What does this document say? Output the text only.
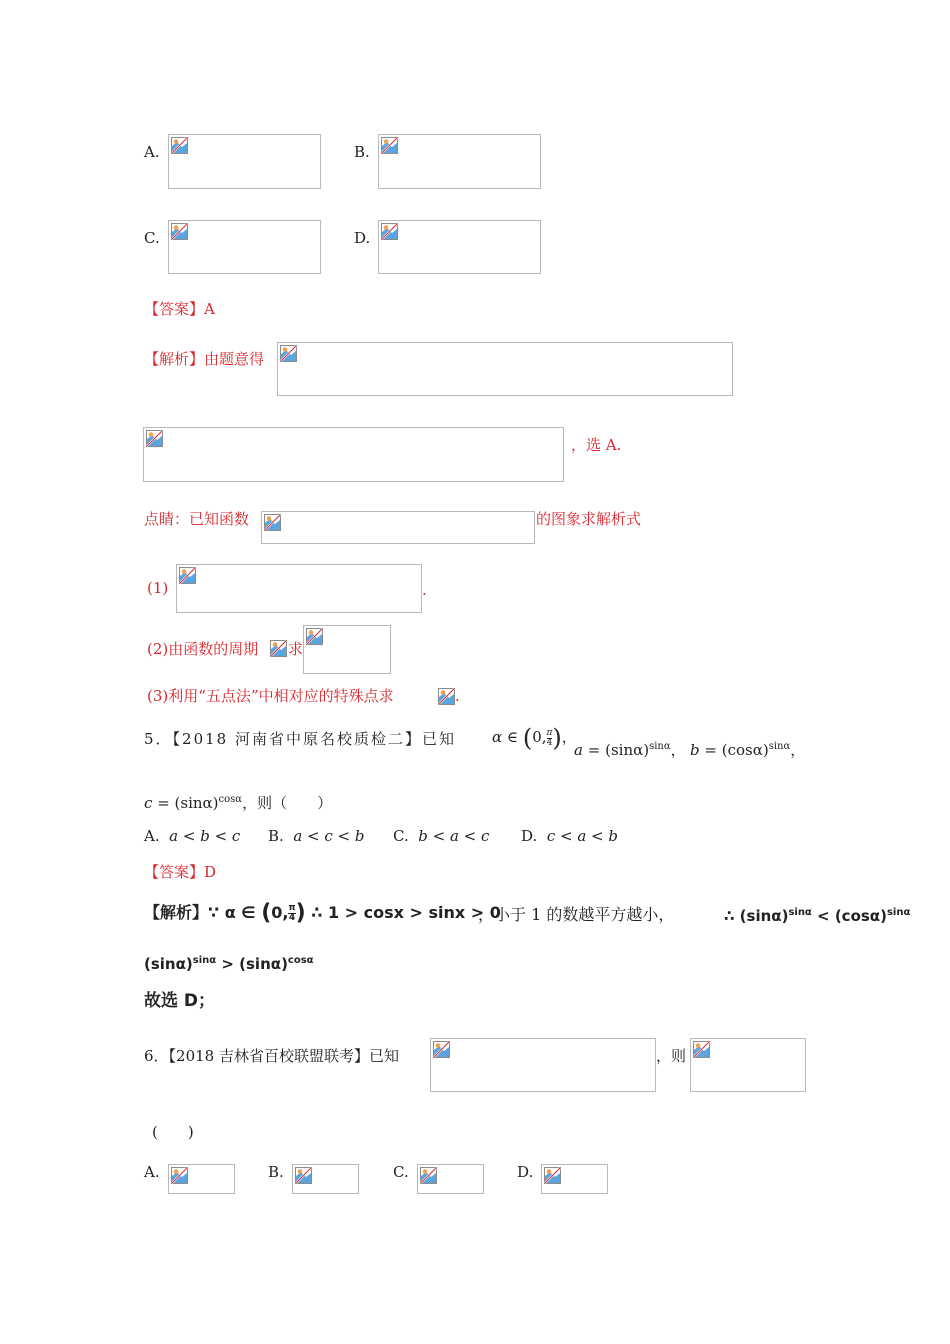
A.	B.
C.	D.
【答案】A
【解析】由题意得
，选 A.
点睛：已知函数	的图象求解析式
(1)	.
(2)由函数的周期 求
(3)利用“五点法”中相对应的特殊点求	.
5．【2018 河南省中原名校质检二】已知 α ∈ (0, $\frac{\pi}{4}$ )，
$a = (\sin\alpha)^{sin\alpha}$， $b = (\cos\alpha)^{sin\alpha}$，
$c = (\sin\alpha)^{cos\alpha}$，则（　　）
A. a < b < c B. a < c < b C. b < a < c D. c < a < b
【答案】D
【解析】∵ α ∈ (0, $\frac{\pi}{4}$ ) ∴ 1 > cosx > sinx > 0
，小于 1 的数越平方越小，	∴ $(\sin\alpha)^{sin\alpha} < (\cos\alpha)^{sin\alpha}$
$(\sin\alpha)^{sin\alpha} > (\sin\alpha)^{cos\alpha}$
故选 D；
6．【2018 吉林省百校联盟联考】已知	，则
(　　)
A.	B.	C.	D.
